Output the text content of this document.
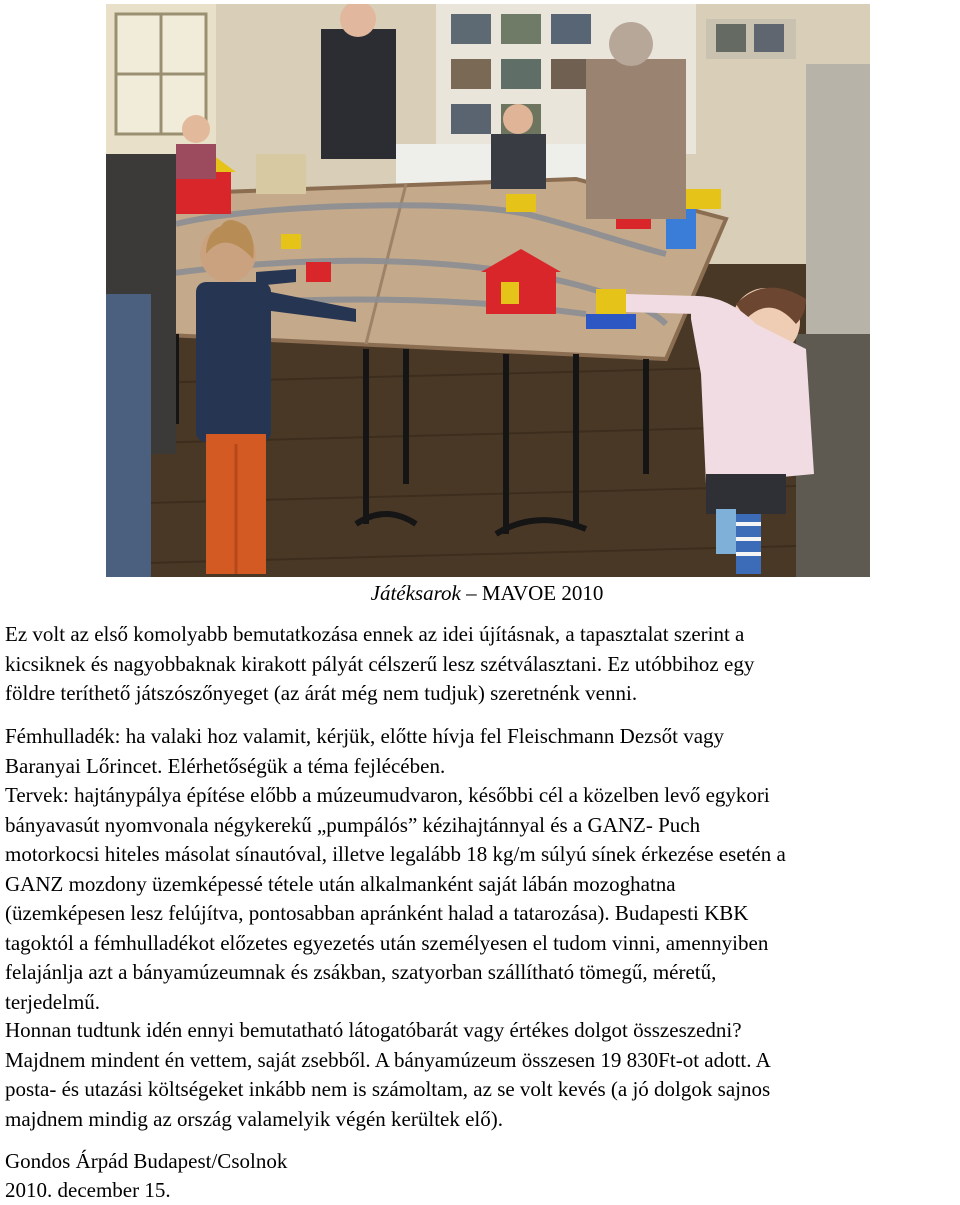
Játéksarok – MAVOE 2010

Ez volt az első komolyabb bemutatkozása ennek az idei újításnak, a tapasztalat szerint a
kicsiknek és nagyobbaknak kirakott pályát célszerű lesz szétválasztani. Ez utóbbihoz egy
földre teríthető játszószőnyeget (az árát még nem tudjuk) szeretnénk venni.

Fémhulladék: ha valaki hoz valamit, kérjük, előtte hívja fel Fleischmann Dezsőt vagy
Baranyai Lőrincet. Elérhetőségük a téma fejlécében.

Tervek: hajtánypálya építése előbb a múzeumudvaron, későbbi cél a közelben levő egykori
bányavasút nyomvonala négykerekű „pumpálós” kézihajtánnyal és a GANZ- Puch
motorkocsi hiteles másolat sínautóval, illetve legalább 18 kg/m súlyú sínek érkezése esetén a
GANZ mozdony üzemképessé tétele után alkalmanként saját lábán mozoghatna
(üzemképesen lesz felújítva, pontosabban apránként halad a tatarozása). Budapesti KBK
tagoktól a fémhulladékot előzetes egyezetés után személyesen el tudom vinni, amennyiben
felajánlja azt a bányamúzeumnak és zsákban, szatyorban szállítható tömegű, méretű,
terjedelmű.

Honnan tudtunk idén ennyi bemutatható látogatóbarát vagy értékes dolgot összeszedni?
Majdnem mindent én vettem, saját zsebből. A bányamúzeum összesen 19 830Ft-ot adott. A
posta- és utazási költségeket inkább nem is számoltam, az se volt kevés (a jó dolgok sajnos
majdnem mindig az ország valamelyik végén kerültek elő).

Gondos Árpád Budapest/Csolnok
2010. december 15.
